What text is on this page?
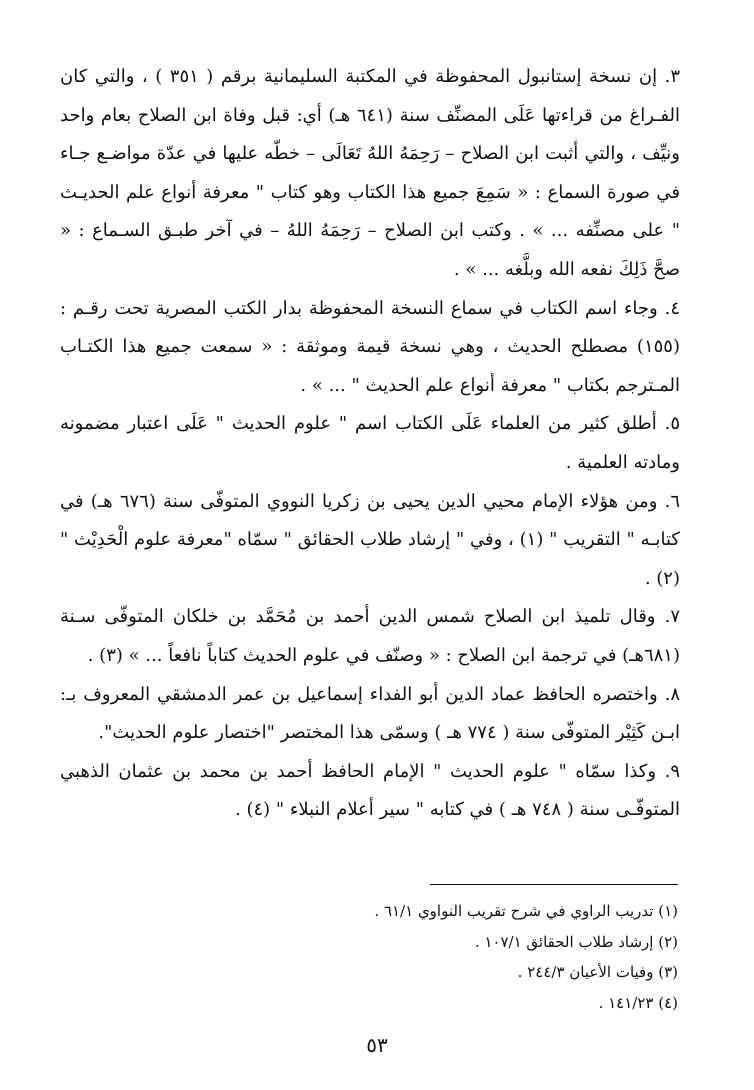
٣. إن نسخة إستانبول المحفوظة في المكتبة السليمانية برقم ( ٣٥١ ) ، والتي كان الفـراغ من قراءتها عَلَى المصنِّف سنة (٦٤١ هـ) أي: قبل وفاة ابن الصلاح بعام واحد ونيِّف ، والتي أثبت ابن الصلاح – رَحِمَهُ اللهُ تَعَالَى – خطّه عليها في عدّة مواضـع جـاء في صورة السماع : « سَمِعَ جميع هذا الكتاب وهو كتاب " معرفة أنواع علم الحديـث " على مصنِّفه ... » . وكتب ابن الصلاح – رَحِمَهُ اللهُ – في آخر طبـق السـماع : « صحَّ ذَلِكَ نفعه الله وبلَّغه ... » .

٤. وجاء اسم الكتاب في سماع النسخة المحفوظة بدار الكتب المصرية تحت رقـم : (١٥٥) مصطلح الحديث ، وهي نسخة قيمة وموثقة : « سمعت جميع هذا الكتـاب المـترجم بكتاب " معرفة أنواع علم الحديث " ... » .

٥. أطلق كثير من العلماء عَلَى الكتاب اسم " علوم الحديث " عَلَى اعتبار مضمونه ومادته العلمية .

٦. ومن هؤلاء الإمام محيي الدين يحيى بن زكريا النووي المتوفّى سنة (٦٧٦ هـ) في كتابـه " التقريب " (١) ، وفي " إرشاد طلاب الحقائق " سمّاه "معرفة علوم الْحَدِيْث " (٢) .

٧. وقال تلميذ ابن الصلاح شمس الدين أحمد بن مُحَمَّد بن خلكان المتوفّى سـنة (٦٨١هـ) في ترجمة ابن الصلاح : « وصنّف في علوم الحديث كتاباً نافعاً ... » (٣) .

٨. واختصره الحافظ عماد الدين أبو الفداء إسماعيل بن عمر الدمشقي المعروف بـ: ابـن كَثِيْر المتوفّى سنة ( ٧٧٤ هـ ) وسمّى هذا المختصر "اختصار علوم الحديث".

٩. وكذا سمّاه " علوم الحديث " الإمام الحافظ أحمد بن محمد بن عثمان الذهبي المتوفّـى سنة ( ٧٤٨ هـ ) في كتابه " سير أعلام النبلاء " (٤) .

(١) تدريب الراوي في شرح تقريب النواوي ٦١/١ .

(٢) إرشاد طلاب الحقائق ١٠٧/١ .

(٣) وفيات الأعيان ٢٤٤/٣ .

(٤) ١٤١/٢٣ .

٥٣
